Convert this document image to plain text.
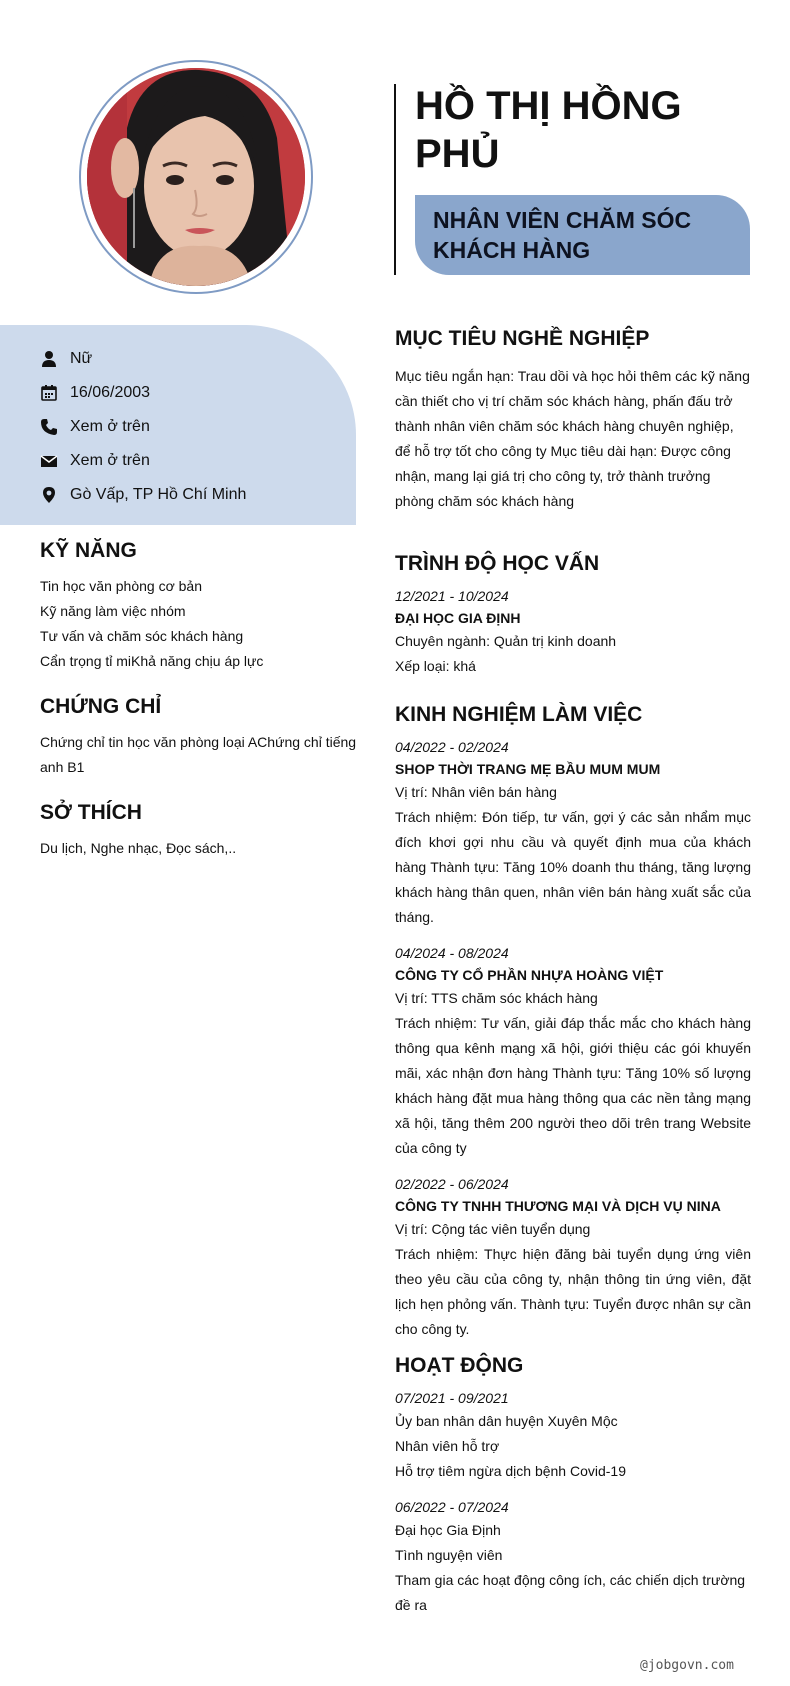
HỒ THỊ HỒNG PHỦ
NHÂN VIÊN CHĂM SÓC KHÁCH HÀNG
Nữ
16/06/2003
Xem ở trên
Xem ở trên
Gò Vấp, TP Hồ Chí Minh
KỸ NĂNG
Tin học văn phòng cơ bản
Kỹ năng làm việc nhóm
Tư vấn và chăm sóc khách hàng
Cẩn trọng tỉ miKhả năng chịu áp lực
CHỨNG CHỈ
Chứng chỉ tin học văn phòng loại AChứng chỉ tiếng anh B1
SỞ THÍCH
Du lịch, Nghe nhạc, Đọc sách,..
MỤC TIÊU NGHỀ NGHIỆP
Mục tiêu ngắn hạn: Trau dồi và học hỏi thêm các kỹ năng cần thiết cho vị trí chăm sóc khách hàng, phấn đấu trở thành nhân viên chăm sóc khách hàng chuyên nghiệp, để hỗ trợ tốt cho công ty Mục tiêu dài hạn: Được công nhận, mang lại giá trị cho công ty, trở thành trưởng phòng chăm sóc khách hàng
TRÌNH ĐỘ HỌC VẤN
12/2021 - 10/2024
ĐẠI HỌC GIA ĐỊNH
Chuyên ngành: Quản trị kinh doanh
Xếp loại: khá
KINH NGHIỆM LÀM VIỆC
04/2022 - 02/2024
SHOP THỜI TRANG MẸ BẦU MUM MUM
Vị trí: Nhân viên bán hàng
Trách nhiệm: Đón tiếp, tư vấn, gợi ý các sản nhẩm mục đích khơi gợi nhu cầu và quyết định mua của khách hàng Thành tựu: Tăng 10% doanh thu tháng, tăng lượng khách hàng thân quen, nhân viên bán hàng xuất sắc của tháng.
04/2024 - 08/2024
CÔNG TY CỔ PHẦN NHỰA HOÀNG VIỆT
Vị trí: TTS chăm sóc khách hàng
Trách nhiệm: Tư vấn, giải đáp thắc mắc cho khách hàng thông qua kênh mạng xã hội, giới thiệu các gói khuyến mãi, xác nhận đơn hàng Thành tựu: Tăng 10% số lượng khách hàng đặt mua hàng thông qua các nền tảng mạng xã hội, tăng thêm 200 người theo dõi trên trang Website của công ty
02/2022 - 06/2024
CÔNG TY TNHH THƯƠNG MẠI VÀ DỊCH VỤ NINA
Vị trí: Cộng tác viên tuyển dụng
Trách nhiệm: Thực hiện đăng bài tuyển dụng ứng viên theo yêu cầu của công ty, nhận thông tin ứng viên, đặt lịch hẹn phỏng vấn. Thành tựu: Tuyển được nhân sự cần cho công ty.
HOẠT ĐỘNG
07/2021 - 09/2021
Ủy ban nhân dân huyện Xuyên Mộc
Nhân viên hỗ trợ
Hỗ trợ tiêm ngừa dịch bệnh Covid-19
06/2022 - 07/2024
Đại học Gia Định
Tình nguyện viên
Tham gia các hoạt động công ích, các chiến dịch trường đề ra
@jobgovn.com
